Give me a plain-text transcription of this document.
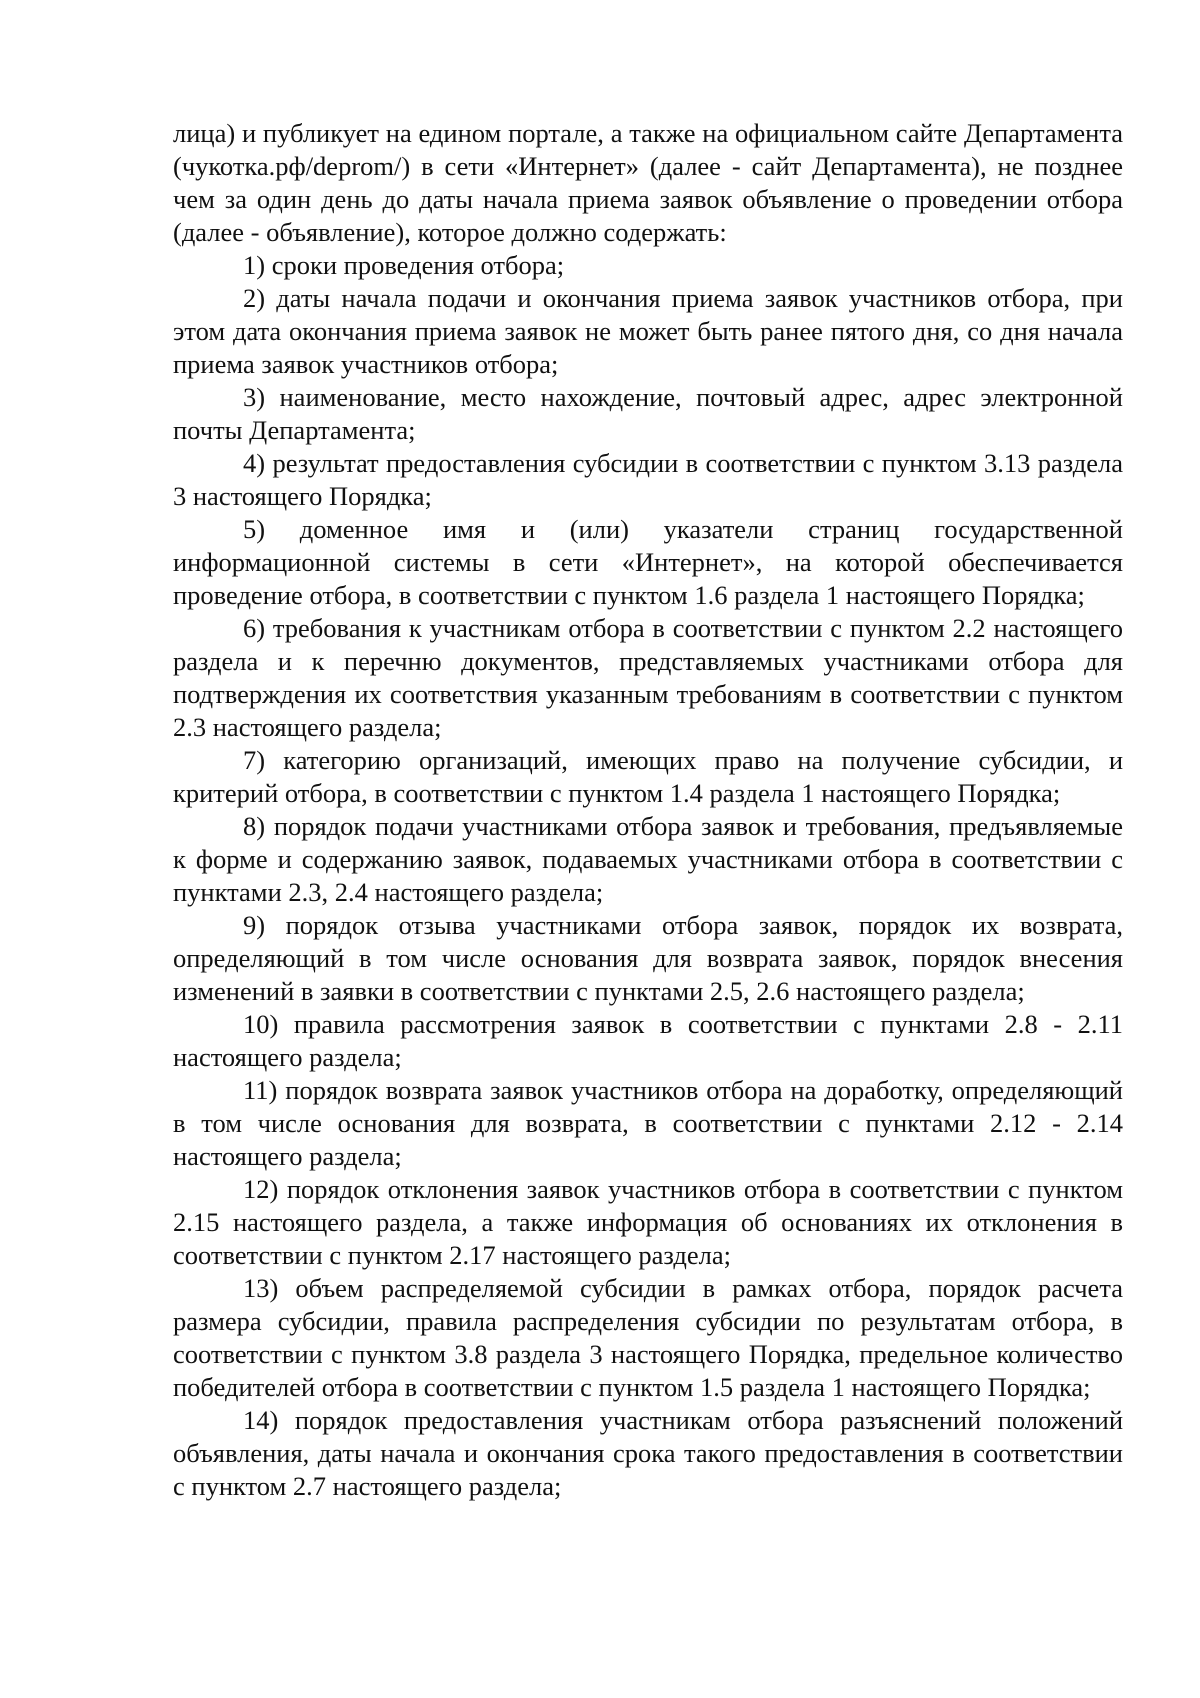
лица) и публикует на едином портале, а также на официальном сайте Департамента (чукотка.рф/deprom/) в сети «Интернет» (далее - сайт Департамента), не позднее чем за один день до даты начала приема заявок объявление о проведении отбора (далее - объявление), которое должно содержать:

1) сроки проведения отбора;

2) даты начала подачи и окончания приема заявок участников отбора, при этом дата окончания приема заявок не может быть ранее пятого дня, со дня начала приема заявок участников отбора;

3) наименование, место нахождение, почтовый адрес, адрес электронной почты Департамента;

4) результат предоставления субсидии в соответствии с пунктом 3.13 раздела 3 настоящего Порядка;

5) доменное имя и (или) указатели страниц государственной информационной системы в сети «Интернет», на которой обеспечивается проведение отбора, в соответствии с пунктом 1.6 раздела 1 настоящего Порядка;

6) требования к участникам отбора в соответствии с пунктом 2.2 настоящего раздела и к перечню документов, представляемых участниками отбора для подтверждения их соответствия указанным требованиям в соответствии с пунктом 2.3 настоящего раздела;

7) категорию организаций, имеющих право на получение субсидии, и критерий отбора, в соответствии с пунктом 1.4 раздела 1 настоящего Порядка;

8) порядок подачи участниками отбора заявок и требования, предъявляемые к форме и содержанию заявок, подаваемых участниками отбора в соответствии с пунктами 2.3, 2.4 настоящего раздела;

9) порядок отзыва участниками отбора заявок, порядок их возврата, определяющий в том числе основания для возврата заявок, порядок внесения изменений в заявки в соответствии с пунктами 2.5, 2.6 настоящего раздела;

10) правила рассмотрения заявок в соответствии с пунктами 2.8 - 2.11 настоящего раздела;

11) порядок возврата заявок участников отбора на доработку, определяющий в том числе основания для возврата, в соответствии с пунктами 2.12 - 2.14 настоящего раздела;

12) порядок отклонения заявок участников отбора в соответствии с пунктом 2.15 настоящего раздела, а также информация об основаниях их отклонения в соответствии с пунктом 2.17 настоящего раздела;

13) объем распределяемой субсидии в рамках отбора, порядок расчета размера субсидии, правила распределения субсидии по результатам отбора, в соответствии с пунктом 3.8 раздела 3 настоящего Порядка, предельное количество победителей отбора в соответствии с пунктом 1.5 раздела 1 настоящего Порядка;

14) порядок предоставления участникам отбора разъяснений положений объявления, даты начала и окончания срока такого предоставления в соответствии с пунктом 2.7 настоящего раздела;
